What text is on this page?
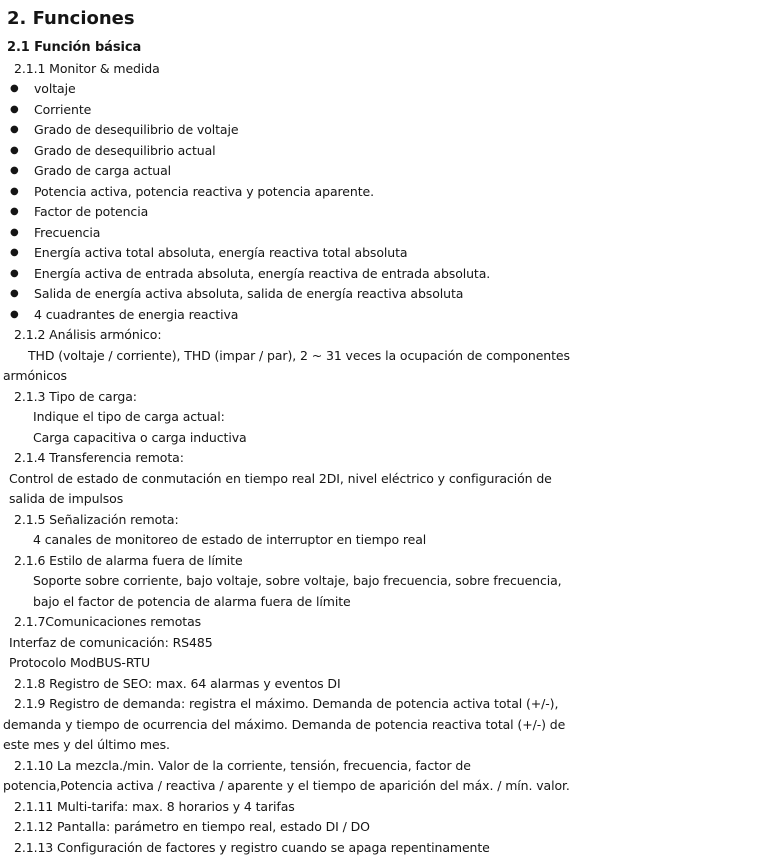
2. Funciones
2.1 Función básica
2.1.1 Monitor & medida
● voltaje
● Corriente
● Grado de desequilibrio de voltaje
● Grado de desequilibrio actual
● Grado de carga actual
● Potencia activa, potencia reactiva y potencia aparente.
● Factor de potencia
● Frecuencia
● Energía activa total absoluta, energía reactiva total absoluta
● Energía activa de entrada absoluta, energía reactiva de entrada absoluta.
● Salida de energía activa absoluta, salida de energía reactiva absoluta
● 4 cuadrantes de energia reactiva
2.1.2 Análisis armónico:
THD (voltaje / corriente), THD (impar / par), 2 ~ 31 veces la ocupación de componentes
armónicos
2.1.3 Tipo de carga:
Indique el tipo de carga actual:
Carga capacitiva o carga inductiva
2.1.4 Transferencia remota:
Control de estado de conmutación en tiempo real 2DI, nivel eléctrico y configuración de
salida de impulsos
2.1.5 Señalización remota:
4 canales de monitoreo de estado de interruptor en tiempo real
2.1.6 Estilo de alarma fuera de límite
Soporte sobre corriente, bajo voltaje, sobre voltaje, bajo frecuencia, sobre frecuencia,
bajo el factor de potencia de alarma fuera de límite
2.1.7Comunicaciones remotas
Interfaz de comunicación: RS485
Protocolo ModBUS-RTU
2.1.8 Registro de SEO: max. 64 alarmas y eventos DI
2.1.9 Registro de demanda: registra el máximo. Demanda de potencia activa total (+/-),
demanda y tiempo de ocurrencia del máximo. Demanda de potencia reactiva total (+/-) de
este mes y del último mes.
2.1.10 La mezcla./min. Valor de la corriente, tensión, frecuencia, factor de
potencia,Potencia activa / reactiva / aparente y el tiempo de aparición del máx. / mín. valor.
2.1.11 Multi-tarifa: max. 8 horarios y 4 tarifas
2.1.12 Pantalla: parámetro en tiempo real, estado DI / DO
2.1.13 Configuración de factores y registro cuando se apaga repentinamente
